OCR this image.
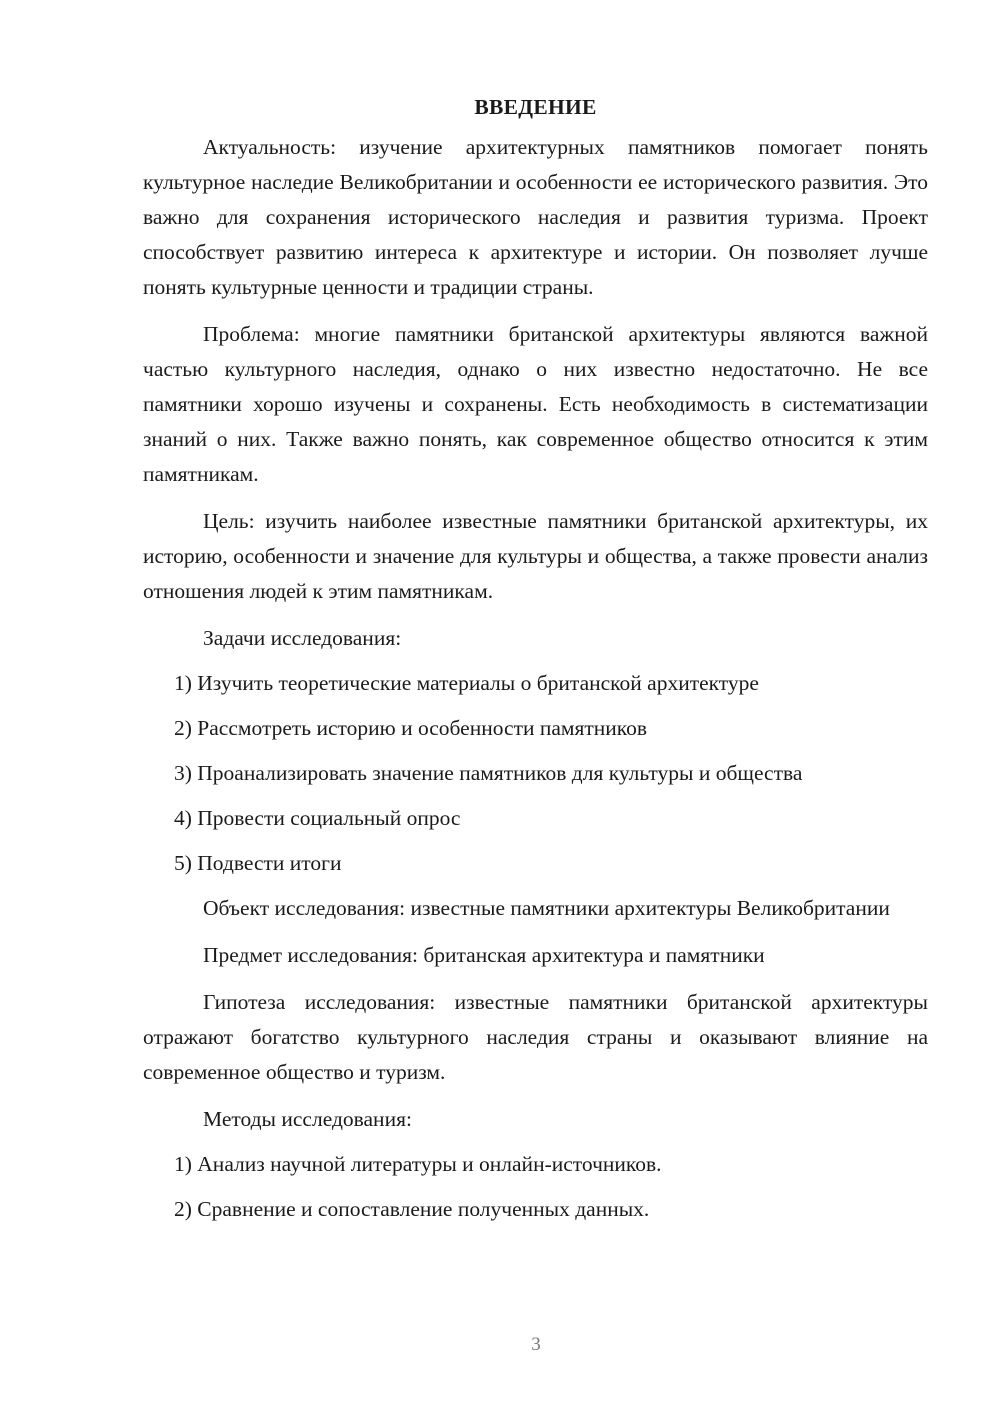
ВВЕДЕНИЕ

Актуальность: изучение архитектурных памятников помогает понять культурное наследие Великобритании и особенности ее исторического развития. Это важно для сохранения исторического наследия и развития туризма. Проект способствует развитию интереса к архитектуре и истории. Он позволяет лучше понять культурные ценности и традиции страны.

Проблема: многие памятники британской архитектуры являются важной частью культурного наследия, однако о них известно недостаточно. Не все памятники хорошо изучены и сохранены. Есть необходимость в систематизации знаний о них. Также важно понять, как современное общество относится к этим памятникам.

Цель: изучить наиболее известные памятники британской архитектуры, их историю, особенности и значение для культуры и общества, а также провести анализ отношения людей к этим памятникам.

Задачи исследования:
1) Изучить теоретические материалы о британской архитектуре
2) Рассмотреть историю и особенности памятников
3) Проанализировать значение памятников для культуры и общества
4) Провести социальный опрос
5) Подвести итоги

Объект исследования: известные памятники архитектуры Великобритании

Предмет исследования: британская архитектура и памятники

Гипотеза исследования: известные памятники британской архитектуры отражают богатство культурного наследия страны и оказывают влияние на современное общество и туризм.

Методы исследования:
1) Анализ научной литературы и онлайн-источников.
2) Сравнение и сопоставление полученных данных.
3
